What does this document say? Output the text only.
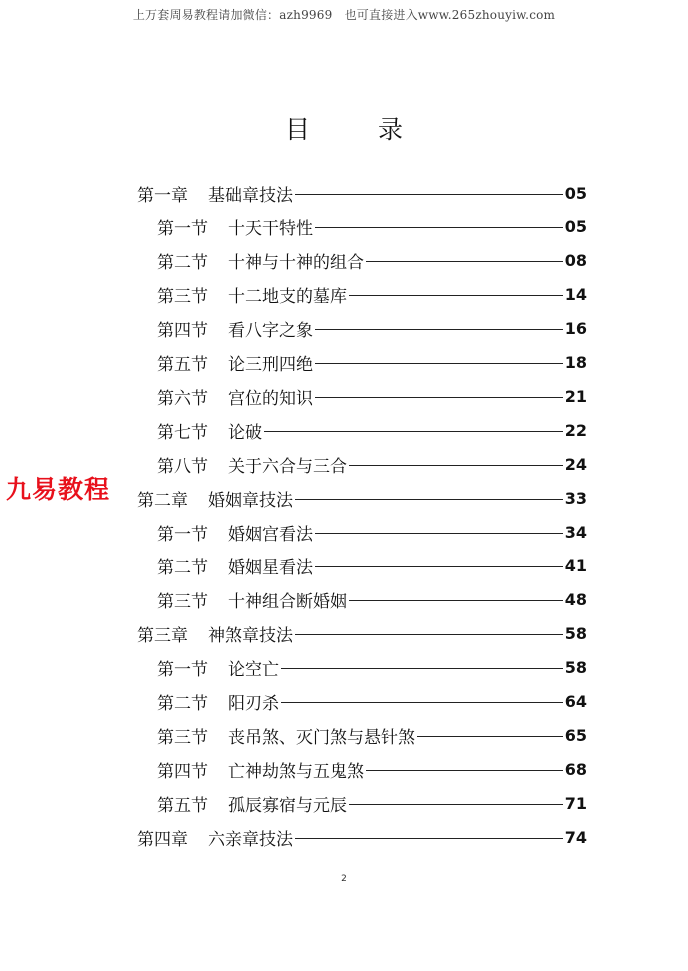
上万套周易教程请加微信：azh9969　也可直接进入www.265zhouyiw.com
目 录
九易教程
第一章 基础章技法	05
第一节 十天干特性	05
第二节 十神与十神的组合	08
第三节 十二地支的墓库	14
第四节 看八字之象	16
第五节 论三刑四绝	18
第六节 宫位的知识	21
第七节 论破	22
第八节 关于六合与三合	24
第二章 婚姻章技法	33
第一节 婚姻宫看法	34
第二节 婚姻星看法	41
第三节 十神组合断婚姻	48
第三章 神煞章技法	58
第一节 论空亡	58
第二节 阳刃杀	64
第三节 丧吊煞、灭门煞与悬针煞	65
第四节 亡神劫煞与五鬼煞	68
第五节 孤辰寡宿与元辰	71
第四章 六亲章技法	74
2
